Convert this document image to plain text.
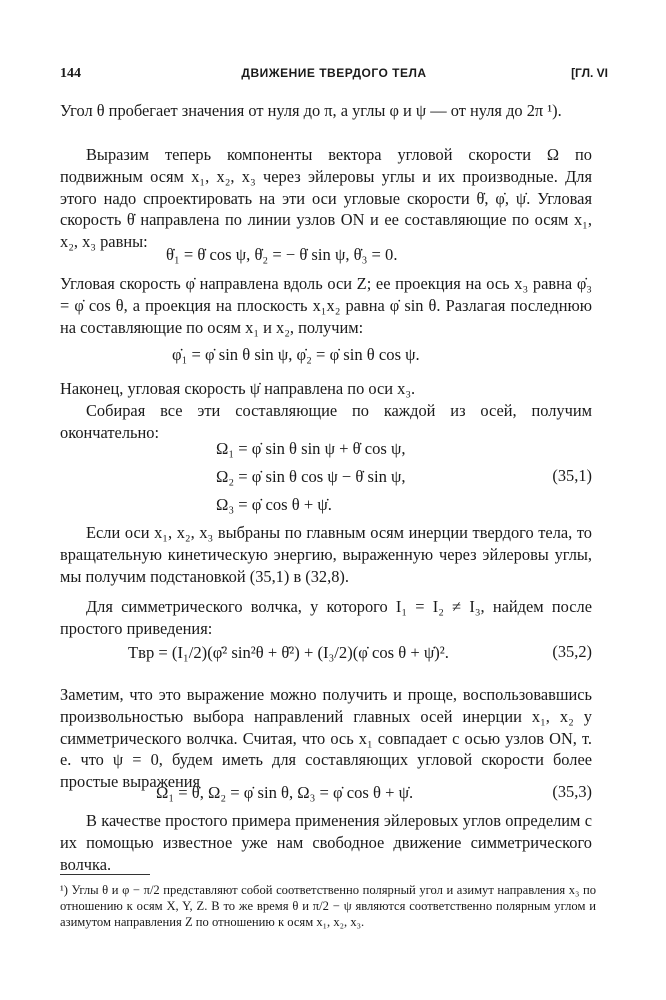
144	ДВИЖЕНИЕ ТВЕРДОГО ТЕЛА	[ГЛ. VI
Угол θ пробегает значения от нуля до π, а углы φ и ψ — от нуля до 2π ¹).
Выразим теперь компоненты вектора угловой скорости Ω по подвижным осям x₁, x₂, x₃ через эйлеровы углы и их производные. Для этого надо спроектировать на эти оси угловые скорости θ̇, φ̇, ψ̇. Угловая скорость θ̇ направлена по линии узлов ON и ее составляющие по осям x₁, x₂, x₃ равны:
θ̇₁ = θ̇ cos ψ, θ̇₂ = − θ̇ sin ψ, θ̇₃ = 0.
Угловая скорость φ̇ направлена вдоль оси Z; ее проекция на ось x₃ равна φ̇₃ = φ̇ cos θ, а проекция на плоскость x₁x₂ равна φ̇ sin θ. Разлагая последнюю на составляющие по осям x₁ и x₂, получим:
φ̇₁ = φ̇ sin θ sin ψ, φ̇₂ = φ̇ sin θ cos ψ.
Наконец, угловая скорость ψ̇ направлена по оси x₃.
Собирая все эти составляющие по каждой из осей, получим окончательно:
Ω₁ = φ̇ sin θ sin ψ + θ̇ cos ψ,
Ω₂ = φ̇ sin θ cos ψ − θ̇ sin ψ,
Ω₃ = φ̇ cos θ + ψ̇.
(35,1)
Если оси x₁, x₂, x₃ выбраны по главным осям инерции твердого тела, то вращательную кинетическую энергию, выраженную через эйлеровы углы, мы получим подстановкой (35,1) в (32,8).
Для симметрического волчка, у которого I₁ = I₂ ≠ I₃, найдем после простого приведения:
Tвр = (I₁/2)(φ̇² sin²θ + θ̇²) + (I₃/2)(φ̇ cos θ + ψ̇)².	(35,2)
Заметим, что это выражение можно получить и проще, воспользовавшись произвольностью выбора направлений главных осей инерции x₁, x₂ у симметрического волчка. Считая, что ось x₁ совпадает с осью узлов ON, т. е. что ψ = 0, будем иметь для составляющих угловой скорости более простые выражения
Ω₁ = θ̇, Ω₂ = φ̇ sin θ, Ω₃ = φ̇ cos θ + ψ̇.	(35,3)
В качестве простого примера применения эйлеровых углов определим с их помощью известное уже нам свободное движение симметрического волчка.
¹) Углы θ и φ − π/2 представляют собой соответственно полярный угол и азимут направления x₃ по отношению к осям X, Y, Z. В то же время θ и π/2 − ψ являются соответственно полярным углом и азимутом направления Z по отношению к осям x₁, x₂, x₃.
